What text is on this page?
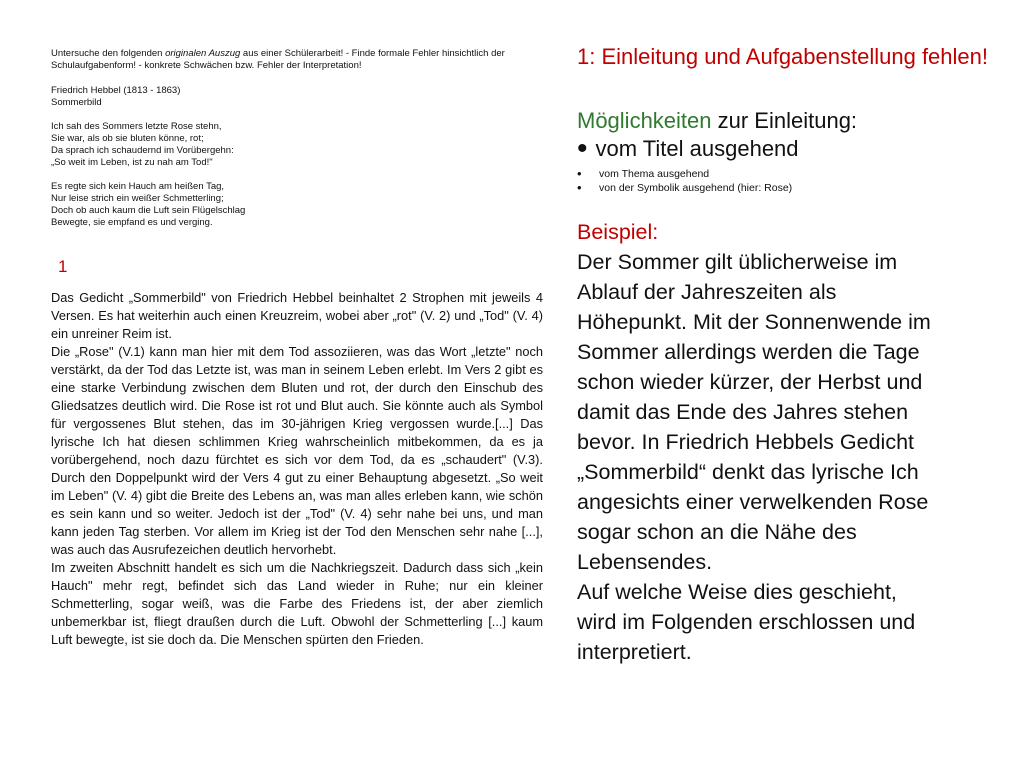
Untersuche den folgenden originalen Auszug aus einer Schülerarbeit! - Finde formale Fehler hinsichtlich der Schulaufgabenform! - konkrete Schwächen bzw. Fehler der Interpretation!

Friedrich Hebbel (1813 - 1863)

Sommerbild

Ich sah des Sommers letzte Rose stehn,
Sie war, als ob sie bluten könne, rot;
Da sprach ich schaudernd im Vorübergehn:
„So weit im Leben, ist zu nah am Tod!"
Es regte sich kein Hauch am heißen Tag,
Nur leise strich ein weißer Schmetterling;
Doch ob auch kaum die Luft sein Flügelschlag
Bewegte, sie empfand es und verging.
1
Das Gedicht „Sommerbild" von Friedrich Hebbel beinhaltet 2 Strophen mit jeweils 4 Versen. Es hat weiterhin auch einen Kreuzreim, wobei aber „rot" (V. 2) und „Tod" (V. 4) ein unreiner Reim ist.
Die „Rose" (V.1) kann man hier mit dem Tod assoziieren, was das Wort „letzte" noch verstärkt, da der Tod das Letzte ist, was man in seinem Leben erlebt. Im Vers 2 gibt es eine starke Verbindung zwischen dem Bluten und rot, der durch den Einschub des Gliedsatzes deutlich wird. Die Rose ist rot und Blut auch. Sie könnte auch als Symbol für vergossenes Blut stehen, das im 30-jährigen Krieg vergossen wurde.[...] Das lyrische Ich hat diesen schlimmen Krieg wahrscheinlich mitbekommen, da es ja vorübergehend, noch dazu fürchtet es sich vor dem Tod, da es „schaudert" (V.3). Durch den Doppelpunkt wird der Vers 4 gut zu einer Behauptung abgesetzt. „So weit im Leben" (V. 4) gibt die Breite des Lebens an, was man alles erleben kann, wie schön es sein kann und so weiter. Jedoch ist der „Tod" (V. 4) sehr nahe bei uns, und man kann jeden Tag sterben. Vor allem im Krieg ist der Tod den Menschen sehr nahe [...], was auch das Ausrufezeichen deutlich hervorhebt.
Im zweiten Abschnitt handelt es sich um die Nachkriegszeit. Dadurch dass sich „kein Hauch" mehr regt, befindet sich das Land wieder in Ruhe; nur ein kleiner Schmetterling, sogar weiß, was die Farbe des Friedens ist, der aber ziemlich unbemerkbar ist, fliegt draußen durch die Luft. Obwohl der Schmetterling [...] kaum Luft bewegte, ist sie doch da. Die Menschen spürten den Frieden.

1: Einleitung und Aufgabenstellung fehlen!

Möglichkeiten zur Einleitung:

• vom Titel ausgehend

•	vom Thema ausgehend
•	von der Symbolik ausgehend (hier: Rose)
Beispiel:
Der Sommer gilt üblicherweise im
Ablauf der Jahreszeiten als
Höhepunkt. Mit der Sonnenwende im
Sommer allerdings werden die Tage
schon wieder kürzer, der Herbst und
damit das Ende des Jahres stehen
bevor. In Friedrich Hebbels Gedicht
„Sommerbild“ denkt das lyrische Ich
angesichts einer verwelkenden Rose
sogar schon an die Nähe des
Lebensendes.
Auf welche Weise dies geschieht,
wird im Folgenden erschlossen und
interpretiert.
